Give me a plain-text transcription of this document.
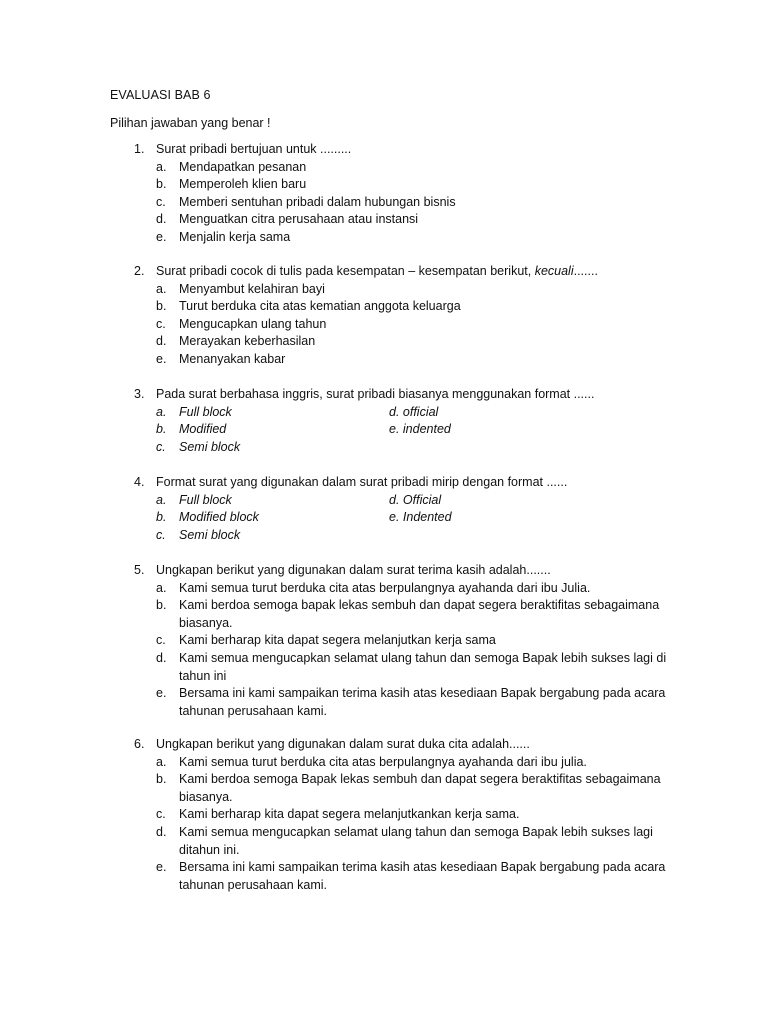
EVALUASI BAB 6
Pilihan jawaban yang benar !
1. Surat pribadi bertujuan untuk .........
a. Mendapatkan pesanan
b. Memperoleh klien baru
c. Memberi sentuhan pribadi dalam hubungan bisnis
d. Menguatkan citra perusahaan atau instansi
e. Menjalin kerja sama
2. Surat pribadi cocok di tulis pada kesempatan – kesempatan berikut, kecuali.......
a. Menyambut kelahiran bayi
b. Turut berduka cita atas kematian anggota keluarga
c. Mengucapkan ulang tahun
d. Merayakan keberhasilan
e. Menanyakan kabar
3. Pada surat berbahasa inggris, surat pribadi biasanya menggunakan format ......
a. Full block	d. official
b. Modified	e. indented
c. Semi block
4. Format surat yang digunakan dalam surat pribadi mirip dengan format ......
a. Full block	d. Official
b. Modified block	e. Indented
c. Semi block
5. Ungkapan berikut yang digunakan dalam surat terima kasih adalah.......
a. Kami semua turut berduka cita atas berpulangnya ayahanda dari ibu Julia.
b. Kami berdoa semoga bapak lekas sembuh dan dapat segera beraktifitas sebagaimana
biasanya.
c. Kami berharap kita dapat segera melanjutkan kerja sama
d. Kami semua mengucapkan selamat ulang tahun dan semoga Bapak lebih sukses lagi di
tahun ini
e. Bersama ini kami sampaikan terima kasih atas kesediaan Bapak bergabung pada acara
tahunan perusahaan kami.
6. Ungkapan berikut yang digunakan dalam surat duka cita adalah......
a. Kami semua turut berduka cita atas berpulangnya ayahanda dari ibu julia.
b. Kami berdoa semoga Bapak lekas sembuh dan dapat segera beraktifitas sebagaimana
biasanya.
c. Kami berharap kita dapat segera melanjutkankan kerja sama.
d. Kami semua mengucapkan selamat ulang tahun dan semoga Bapak lebih sukses lagi
ditahun ini.
e. Bersama ini kami sampaikan terima kasih atas kesediaan Bapak bergabung pada acara
tahunan perusahaan kami.
